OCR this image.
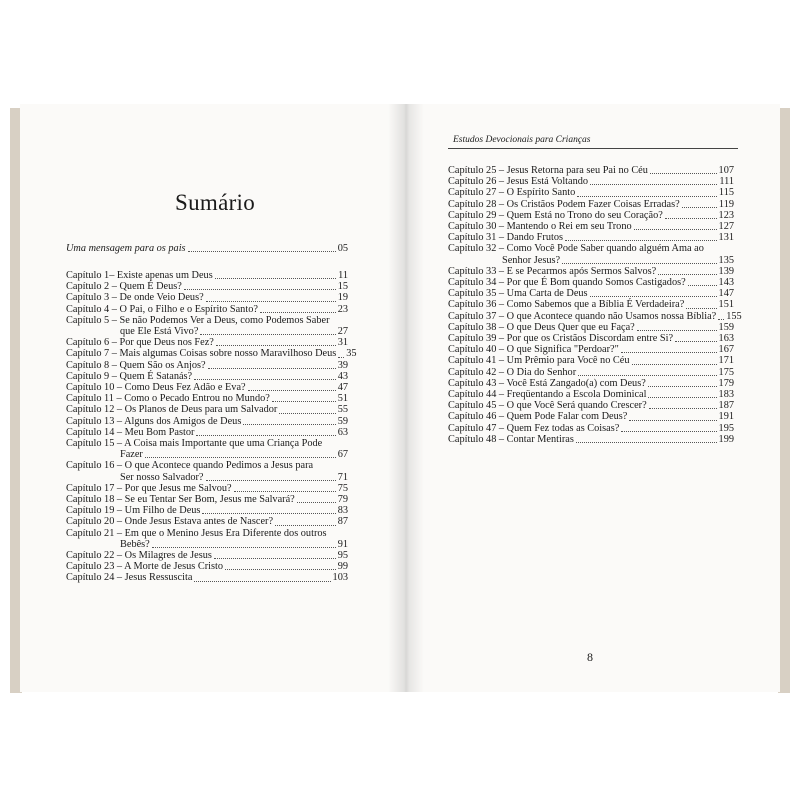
Sumário
Uma mensagem para os pais	05
Capítulo 1– Existe apenas um Deus	11
Capítulo 2 – Quem É Deus?	15
Capítulo 3 – De onde Veio Deus?	19
Capítulo 4 – O Pai, o Filho e o Espírito Santo?	23
Capítulo 5 – Se não Podemos Ver a Deus, como Podemos Saber
que Ele Está Vivo?	27
Capítulo 6 – Por que Deus nos Fez?	31
Capítulo 7 – Mais algumas Coisas sobre nosso Maravilhoso Deus 35
Capítulo 8 – Quem São os Anjos?	39
Capítulo 9 – Quem É Satanás?	43
Capítulo 10 – Como Deus Fez Adão e Eva?	47
Capítulo 11 – Como o Pecado Entrou no Mundo?	51
Capítulo 12 – Os Planos de Deus para um Salvador	55
Capítulo 13 – Alguns dos Amigos de Deus	59
Capítulo 14 – Meu Bom Pastor	63
Capítulo 15 – A Coisa mais Importante que uma Criança Pode
Fazer	67
Capítulo 16 – O que Acontece quando Pedimos a Jesus para
Ser nosso Salvador?	71
Capítulo 17 – Por que Jesus me Salvou?	75
Capítulo 18 – Se eu Tentar Ser Bom, Jesus me Salvará?	79
Capítulo 19 – Um Filho de Deus	83
Capítulo 20 – Onde Jesus Estava antes de Nascer?	87
Capítulo 21 – Em que o Menino Jesus Era Diferente dos outros
Bebês?	91
Capítulo 22 – Os Milagres de Jesus	95
Capítulo 23 – A Morte de Jesus Cristo	99
Capítulo 24 – Jesus Ressuscita	103
Estudos Devocionais para Crianças
Capítulo 25 – Jesus Retorna para seu Pai no Céu	107
Capítulo 26 – Jesus Está Voltando	111
Capítulo 27 – O Espírito Santo	115
Capítulo 28 – Os Cristãos Podem Fazer Coisas Erradas?	119
Capítulo 29 – Quem Está no Trono do seu Coração?	123
Capítulo 30 – Mantendo o Rei em seu Trono	127
Capítulo 31 – Dando Frutos	131
Capítulo 32 – Como Você Pode Saber quando alguém Ama ao
Senhor Jesus?	135
Capítulo 33 – E se Pecarmos após Sermos Salvos?	139
Capítulo 34 – Por que É Bom quando Somos Castigados?	143
Capítulo 35 – Uma Carta de Deus	147
Capítulo 36 – Como Sabemos que a Bíblia É Verdadeira?	151
Capítulo 37 – O que Acontece quando não Usamos nossa Bíblia? 155
Capítulo 38 – O que Deus Quer que eu Faça?	159
Capítulo 39 – Por que os Cristãos Discordam entre Si?	163
Capítulo 40 – O que Significa "Perdoar?"	167
Capítulo 41 – Um Prêmio para Você no Céu	171
Capítulo 42 – O Dia do Senhor	175
Capítulo 43 – Você Está Zangado(a) com Deus?	179
Capítulo 44 – Freqüentando a Escola Dominical	183
Capítulo 45 – O que Você Será quando Crescer?	187
Capítulo 46 – Quem Pode Falar com Deus?	191
Capítulo 47 – Quem Fez todas as Coisas?	195
Capítulo 48 – Contar Mentiras	199
8
